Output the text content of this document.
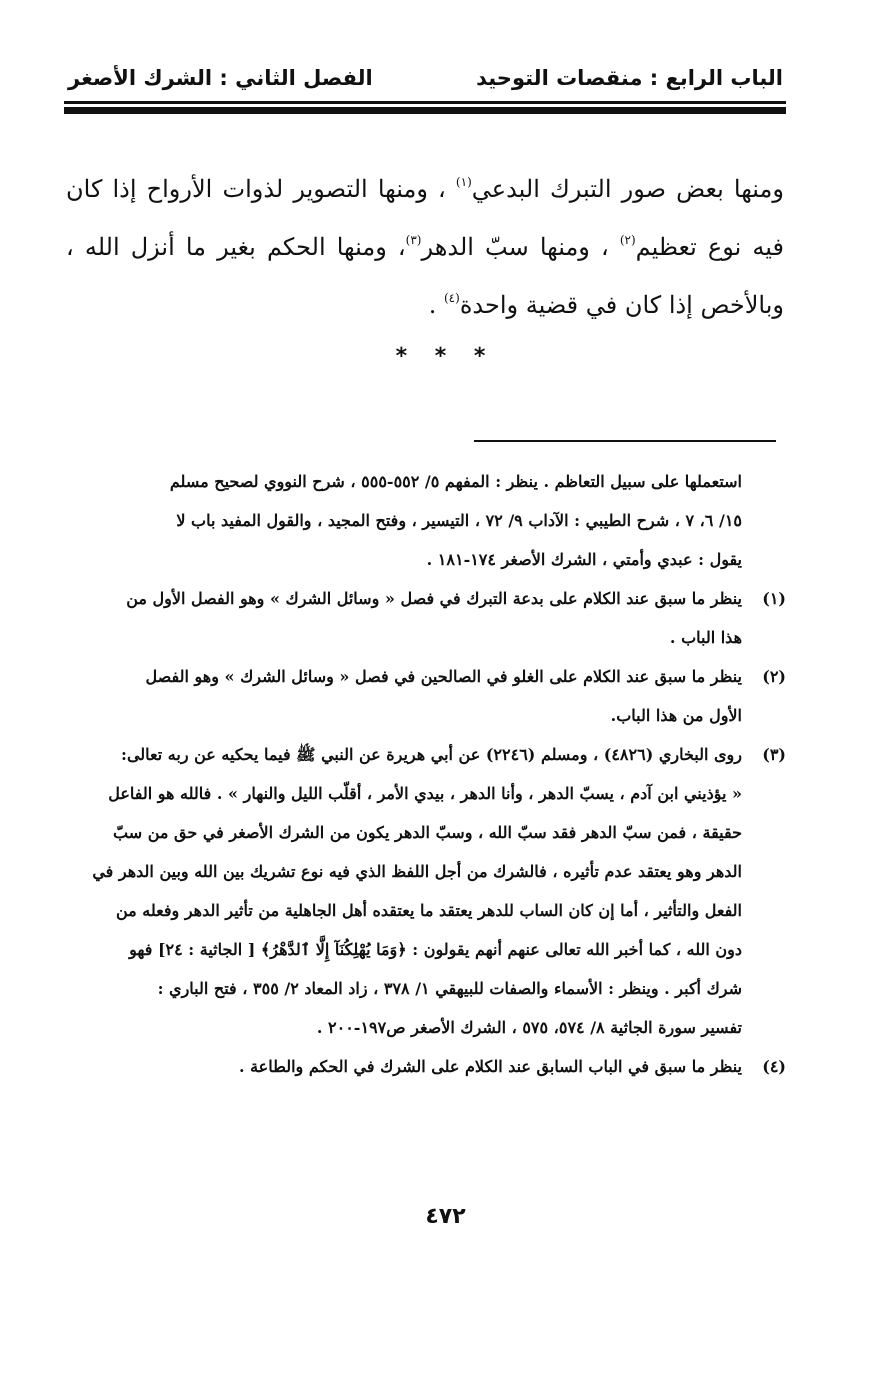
الباب الرابع : منقصات التوحيد
الفصل الثاني : الشرك الأصغر

ومنها بعض صور التبرك البدعي$^{(١)}$ ، ومنها التصوير لذوات الأرواح إذا كان فيه نوع تعظيم$^{(٢)}$ ، ومنها سبّ الدهر$^{(٣)}$، ومنها الحكم بغير ما أنزل الله ، وبالأخص إذا كان في قضية واحدة$^{(٤)}$ .

* * *

استعملها على سبيل التعاظم . ينظر : المفهم ٥/ ٥٥٢-٥٥٥ ، شرح النووي لصحيح مسلم
١٥/ ٦، ٧ ، شرح الطيبي : الآداب ٩/ ٧٢ ، التيسير ، وفتح المجيد ، والقول المفيد باب لا
يقول : عبدي وأمتي ، الشرك الأصغر ١٧٤-١٨١ .

(١)
ينظر ما سبق عند الكلام على بدعة التبرك في فصل « وسائل الشرك » وهو الفصل الأول من
هذا الباب .

(٢)
ينظر ما سبق عند الكلام على الغلو في الصالحين في فصل « وسائل الشرك » وهو الفصل
الأول من هذا الباب.

(٣)
روى البخاري (٤٨٢٦) ، ومسلم (٢٢٤٦) عن أبي هريرة عن النبي ﷺ فيما يحكيه عن ربه تعالى:
« يؤذيني ابن آدم ، يسبّ الدهر ، وأنا الدهر ، بيدي الأمر ، أقلّب الليل والنهار » . فالله هو الفاعل
حقيقة ، فمن سبّ الدهر فقد سبّ الله ، وسبّ الدهر يكون من الشرك الأصغر في حق من سبّ
الدهر وهو يعتقد عدم تأثيره ، فالشرك من أجل اللفظ الذي فيه نوع تشريك بين الله وبين الدهر في
الفعل والتأثير ، أما إن كان الساب للدهر يعتقد ما يعتقده أهل الجاهلية من تأثير الدهر وفعله من
دون الله ، كما أخبر الله تعالى عنهم أنهم يقولون : ﴿وَمَا يُهْلِكُنَآ إِلَّا ٱلدَّهْرُ﴾ [ الجاثية : ٢٤] فهو
شرك أكبر . وينظر : الأسماء والصفات للبيهقي ١/ ٣٧٨ ، زاد المعاد ٢/ ٣٥٥ ، فتح الباري :
تفسير سورة الجاثية ٨/ ٥٧٤، ٥٧٥ ، الشرك الأصغر ص١٩٧-٢٠٠ .

(٤)
ينظر ما سبق في الباب السابق عند الكلام على الشرك في الحكم والطاعة .

٤٧٢
